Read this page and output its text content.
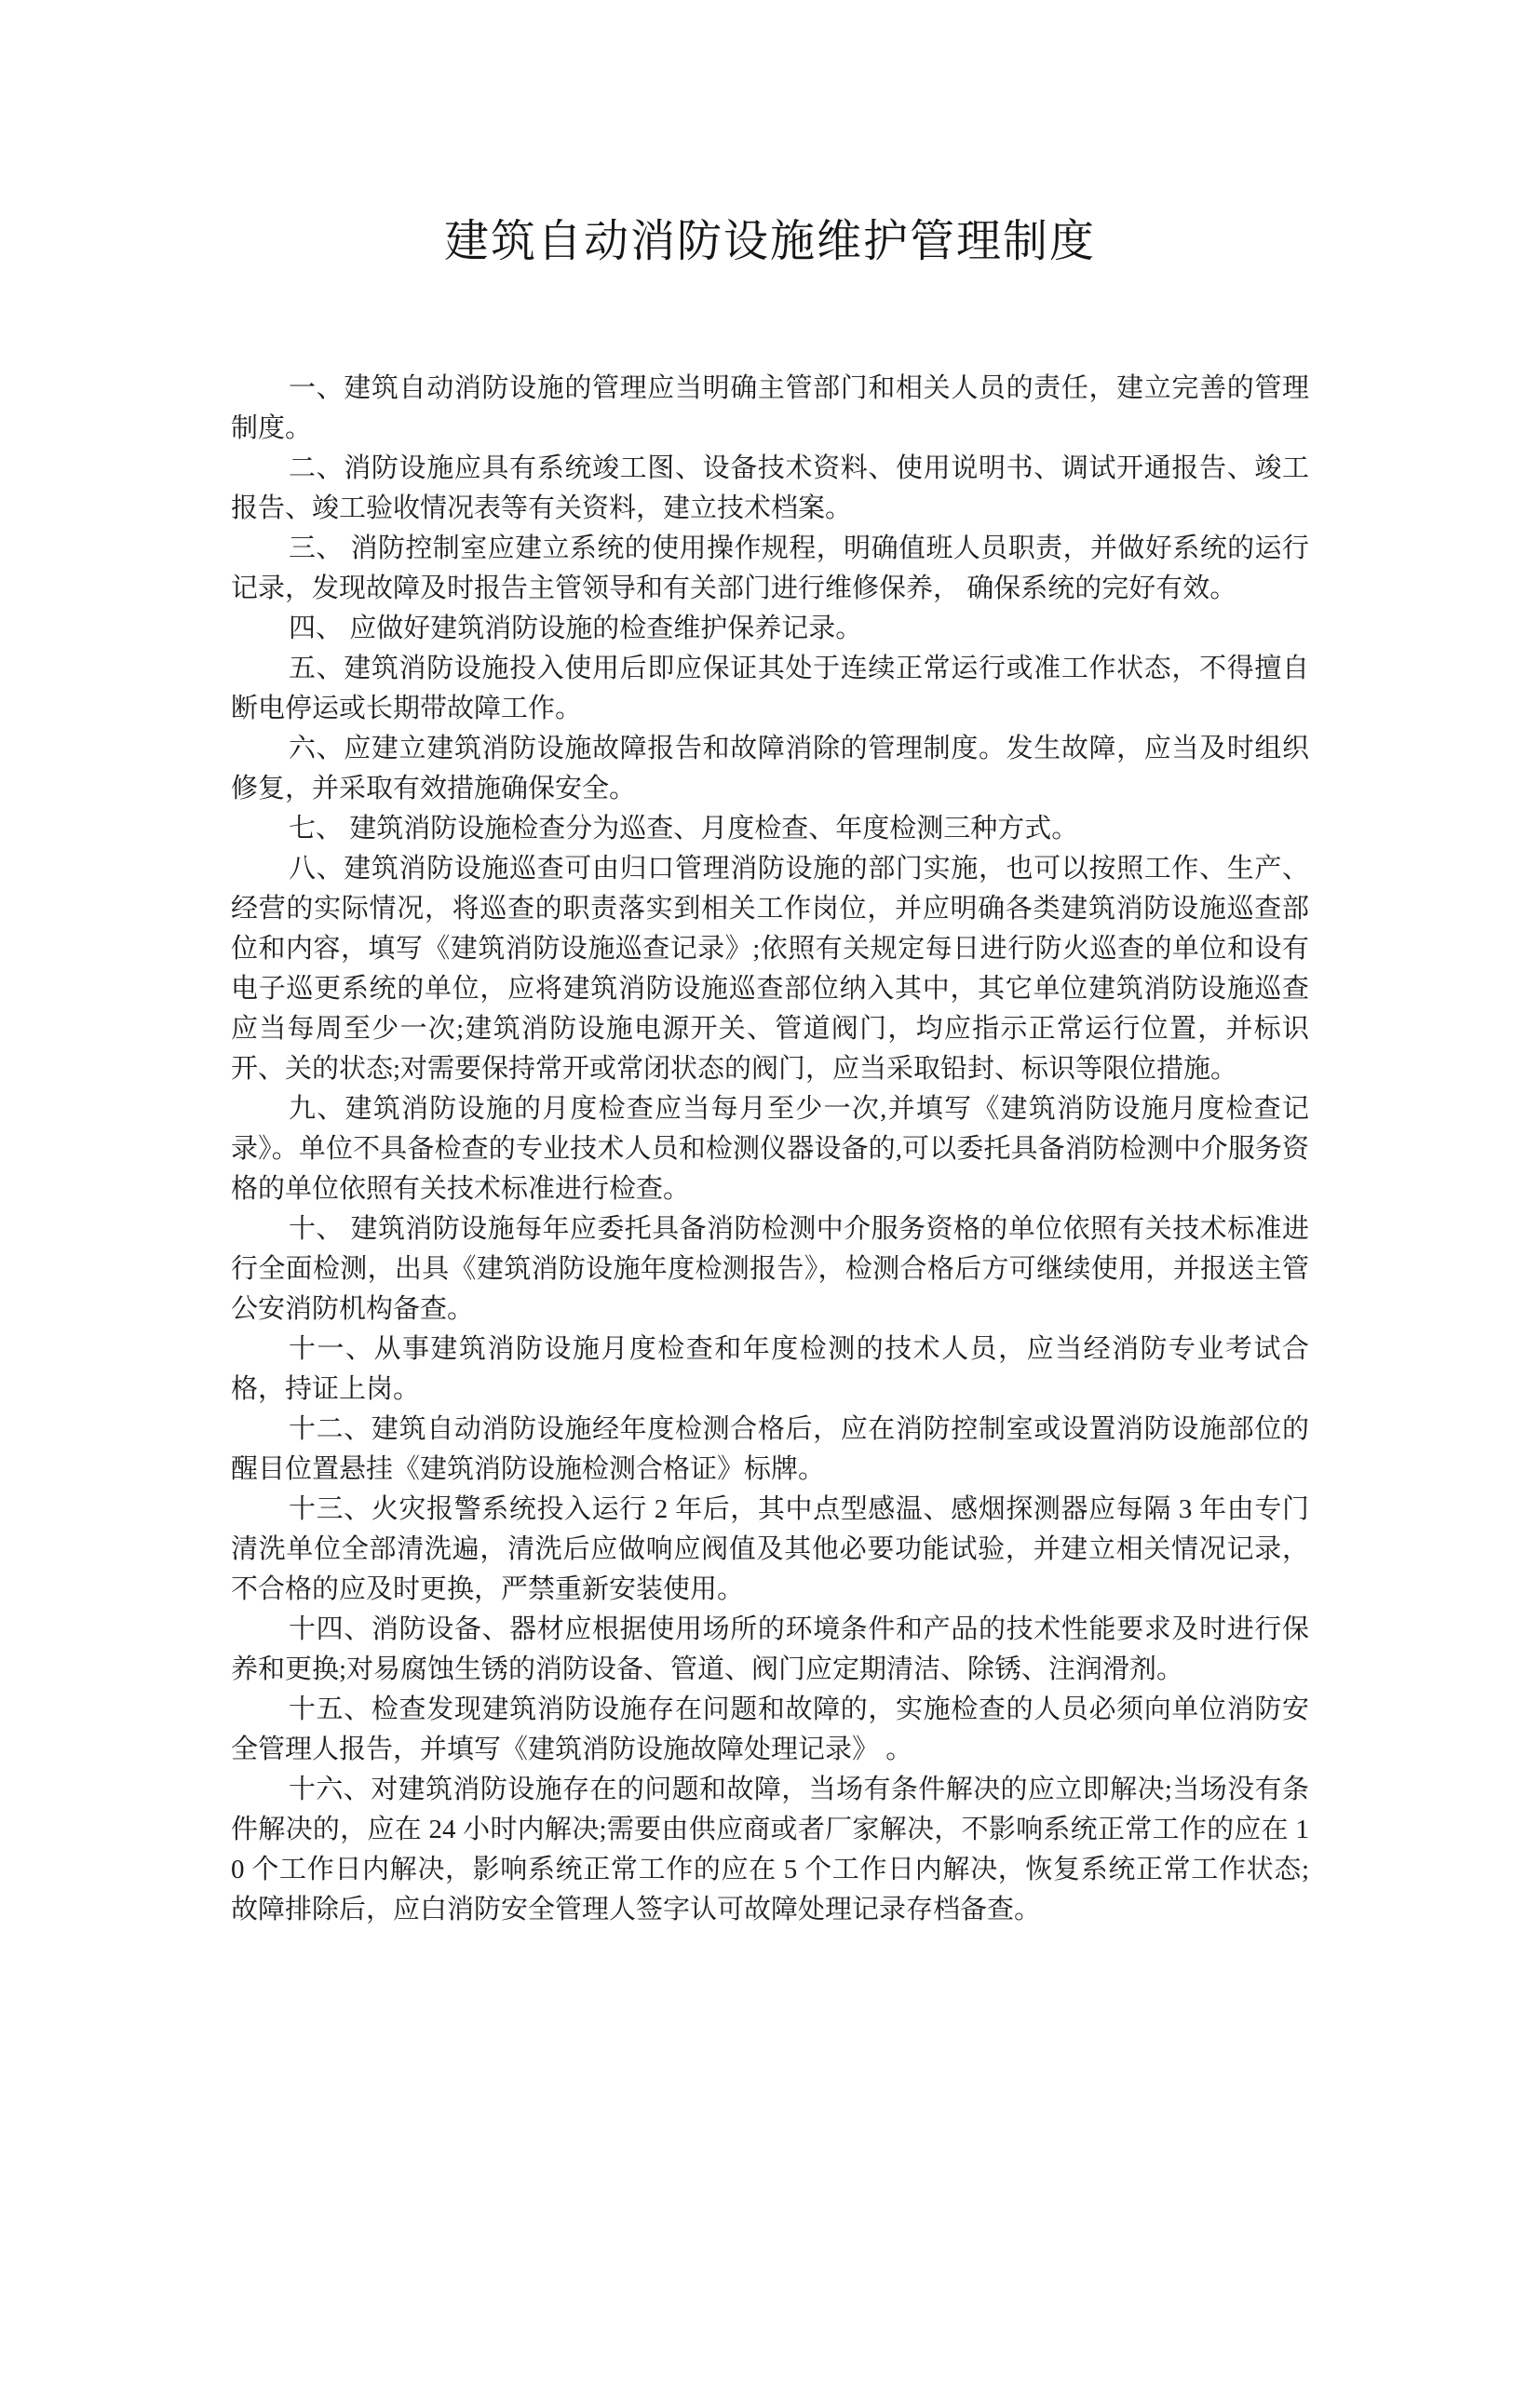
建筑自动消防设施维护管理制度

一、建筑自动消防设施的管理应当明确主管部门和相关人员的责任，建立完善的管理制度。

二、消防设施应具有系统竣工图、设备技术资料、使用说明书、调试开通报告、竣工报告、竣工验收情况表等有关资料，建立技术档案。

三、 消防控制室应建立系统的使用操作规程，明确值班人员职责，并做好系统的运行记录，发现故障及时报告主管领导和有关部门进行维修保养， 确保系统的完好有效。

四、 应做好建筑消防设施的检查维护保养记录。

五、建筑消防设施投入使用后即应保证其处于连续正常运行或准工作状态，不得擅自断电停运或长期带故障工作。

六、应建立建筑消防设施故障报告和故障消除的管理制度。发生故障，应当及时组织修复，并采取有效措施确保安全。

七、 建筑消防设施检查分为巡查、月度检查、年度检测三种方式。

八、建筑消防设施巡查可由归口管理消防设施的部门实施，也可以按照工作、生产、经营的实际情况，将巡查的职责落实到相关工作岗位，并应明确各类建筑消防设施巡查部位和内容，填写《建筑消防设施巡查记录》;依照有关规定每日进行防火巡查的单位和设有电子巡更系统的单位，应将建筑消防设施巡查部位纳入其中，其它单位建筑消防设施巡查应当每周至少一次;建筑消防设施电源开关、管道阀门，均应指示正常运行位置，并标识开、关的状态;对需要保持常开或常闭状态的阀门，应当采取铅封、标识等限位措施。

九、建筑消防设施的月度检查应当每月至少一次,并填写《建筑消防设施月度检查记录》。单位不具备检查的专业技术人员和检测仪器设备的,可以委托具备消防检测中介服务资格的单位依照有关技术标准进行检查。

十、 建筑消防设施每年应委托具备消防检测中介服务资格的单位依照有关技术标准进行全面检测，出具《建筑消防设施年度检测报告》，检测合格后方可继续使用，并报送主管公安消防机构备查。

十一、从事建筑消防设施月度检查和年度检测的技术人员，应当经消防专业考试合格，持证上岗。

十二、建筑自动消防设施经年度检测合格后，应在消防控制室或设置消防设施部位的醒目位置悬挂《建筑消防设施检测合格证》标牌。

十三、火灾报警系统投入运行 2 年后，其中点型感温、感烟探测器应每隔 3 年由专门清洗单位全部清洗遍，清洗后应做响应阀值及其他必要功能试验，并建立相关情况记录，不合格的应及时更换，严禁重新安装使用。

十四、消防设备、器材应根据使用场所的环境条件和产品的技术性能要求及时进行保养和更换;对易腐蚀生锈的消防设备、管道、阀门应定期清洁、除锈、注润滑剂。

十五、检查发现建筑消防设施存在问题和故障的，实施检查的人员必须向单位消防安全管理人报告，并填写《建筑消防设施故障处理记录》 。

十六、对建筑消防设施存在的问题和故障，当场有条件解决的应立即解决;当场没有条件解决的，应在 24 小时内解决;需要由供应商或者厂家解决，不影响系统正常工作的应在 10 个工作日内解决，影响系统正常工作的应在 5 个工作日内解决，恢复系统正常工作状态;故障排除后，应白消防安全管理人签字认可故障处理记录存档备查。
